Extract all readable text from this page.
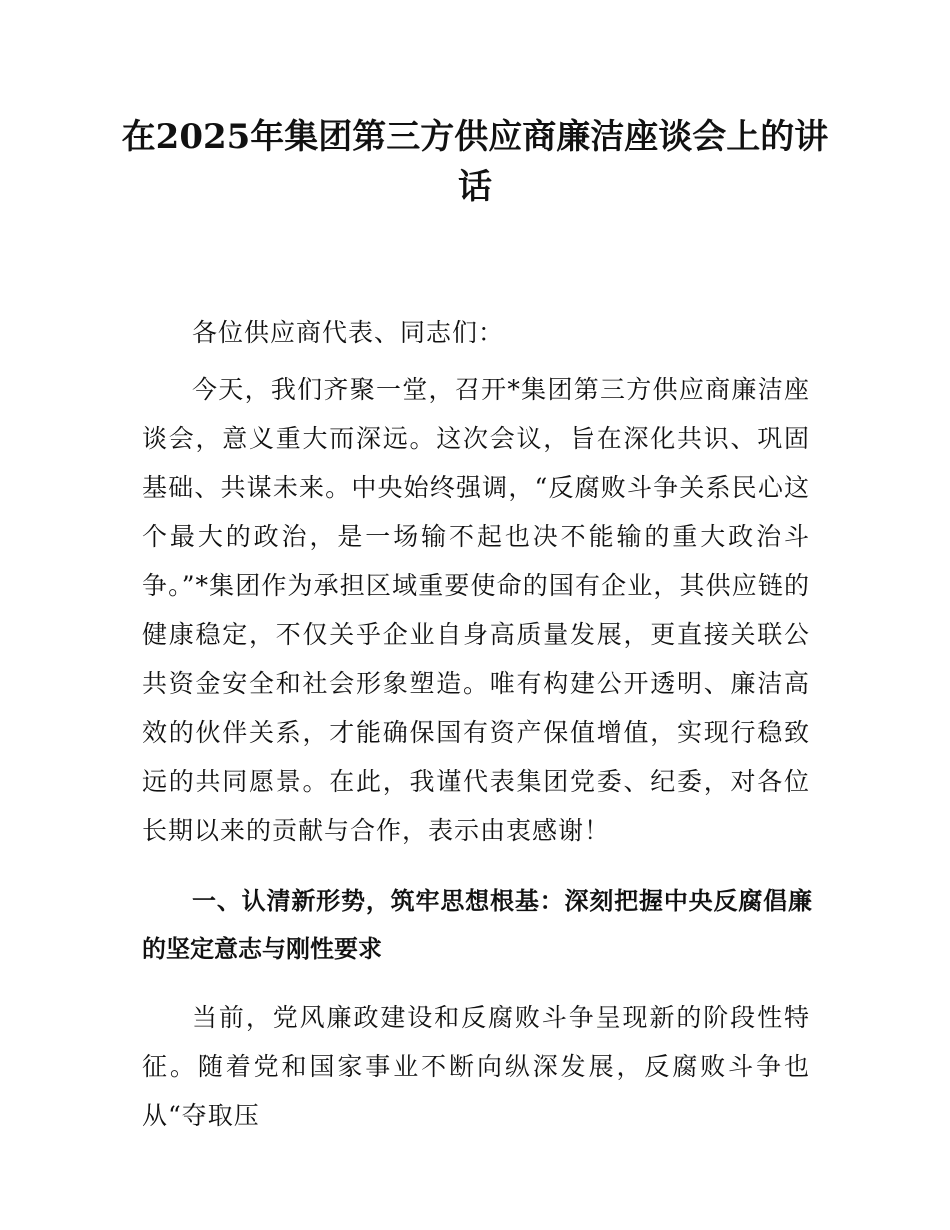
在2025年集团第三方供应商廉洁座谈会上的讲话

各位供应商代表、同志们：

今天，我们齐聚一堂，召开*集团第三方供应商廉洁座谈会，意义重大而深远。这次会议，旨在深化共识、巩固基础、共谋未来。中央始终强调，“反腐败斗争关系民心这个最大的政治，是一场输不起也决不能输的重大政治斗争。”*集团作为承担区域重要使命的国有企业，其供应链的健康稳定，不仅关乎企业自身高质量发展，更直接关联公共资金安全和社会形象塑造。唯有构建公开透明、廉洁高效的伙伴关系，才能确保国有资产保值增值，实现行稳致远的共同愿景。在此，我谨代表集团党委、纪委，对各位长期以来的贡献与合作，表示由衷感谢！

一、认清新形势，筑牢思想根基：深刻把握中央反腐倡廉的坚定意志与刚性要求

当前，党风廉政建设和反腐败斗争呈现新的阶段性特征。随着党和国家事业不断向纵深发展，反腐败斗争也从“夺取压
